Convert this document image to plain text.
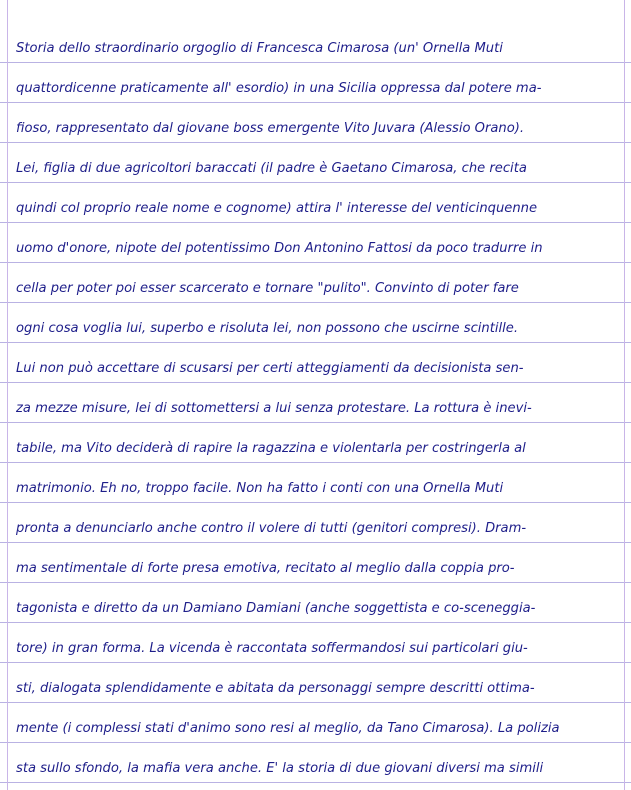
Storia dello straordinario orgoglio di Francesca Cimarosa (un' Ornella Muti
quattordicenne praticamente all' esordio) in una Sicilia oppressa dal potere ma-
fioso, rappresentato dal giovane boss emergente Vito Juvara (Alessio Orano).
Lei, figlia di due agricoltori baraccati (il padre è Gaetano Cimarosa, che recita
quindi col proprio reale nome e cognome) attira l' interesse del venticinquenne
uomo d'onore, nipote del potentissimo Don Antonino Fattosi da poco tradurre in
cella per poter poi esser scarcerato e tornare "pulito". Convinto di poter fare
ogni cosa voglia lui, superbo e risoluta lei, non possono che uscirne scintille.
Lui non può accettare di scusarsi per certi atteggiamenti da decisionista sen-
za mezze misure, lei di sottomettersi a lui senza protestare. La rottura è inevi-
tabile, ma Vito deciderà di rapire la ragazzina e violentarla per costringerla al
matrimonio. Eh no, troppo facile. Non ha fatto i conti con una Ornella Muti
pronta a denunciarlo anche contro il volere di tutti (genitori compresi). Dram-
ma sentimentale di forte presa emotiva, recitato al meglio dalla coppia pro-
tagonista e diretto da un Damiano Damiani (anche soggettista e co-sceneggia-
tore) in gran forma. La vicenda è raccontata soffermandosi sui particolari giu-
sti, dialogata splendidamente e abitata da personaggi sempre descritti ottima-
mente (i complessi stati d'animo sono resi al meglio, da Tano Cimarosa). La polizia
sta sullo sfondo, la mafia vera anche. E' la storia di due giovani diversi ma simili
